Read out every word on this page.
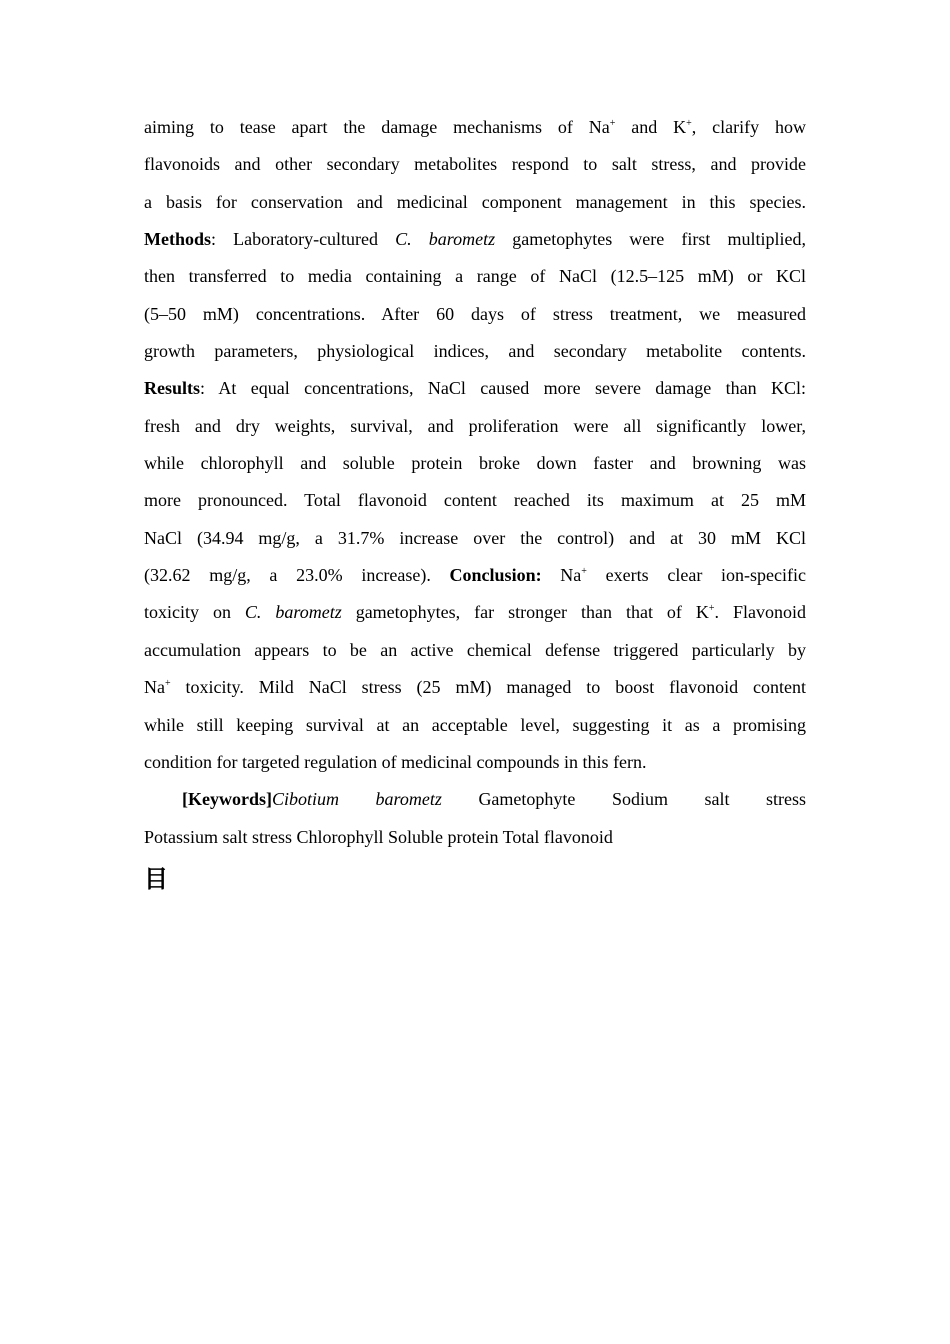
aiming to tease apart the damage mechanisms of Na+ and K+, clarify how
flavonoids and other secondary metabolites respond to salt stress, and provide
a basis for conservation and medicinal component management in this species.
Methods: Laboratory-cultured C. barometz gametophytes were first multiplied,
then transferred to media containing a range of NaCl (12.5–125 mM) or KCl
(5–50 mM) concentrations. After 60 days of stress treatment, we measured
growth parameters, physiological indices, and secondary metabolite contents.
Results: At equal concentrations, NaCl caused more severe damage than KCl:
fresh and dry weights, survival, and proliferation were all significantly lower,
while chlorophyll and soluble protein broke down faster and browning was
more pronounced. Total flavonoid content reached its maximum at 25 mM
NaCl (34.94 mg/g, a 31.7% increase over the control) and at 30 mM KCl
(32.62 mg/g, a 23.0% increase). Conclusion: Na+ exerts clear ion-specific
toxicity on C. barometz gametophytes, far stronger than that of K+. Flavonoid
accumulation appears to be an active chemical defense triggered particularly by
Na+ toxicity. Mild NaCl stress (25 mM) managed to boost flavonoid content
while still keeping survival at an acceptable level, suggesting it as a promising
condition for targeted regulation of medicinal compounds in this fern.
[Keywords]Cibotium barometz Gametophyte Sodium salt stress
Potassium salt stress Chlorophyll Soluble protein Total flavonoid
目
